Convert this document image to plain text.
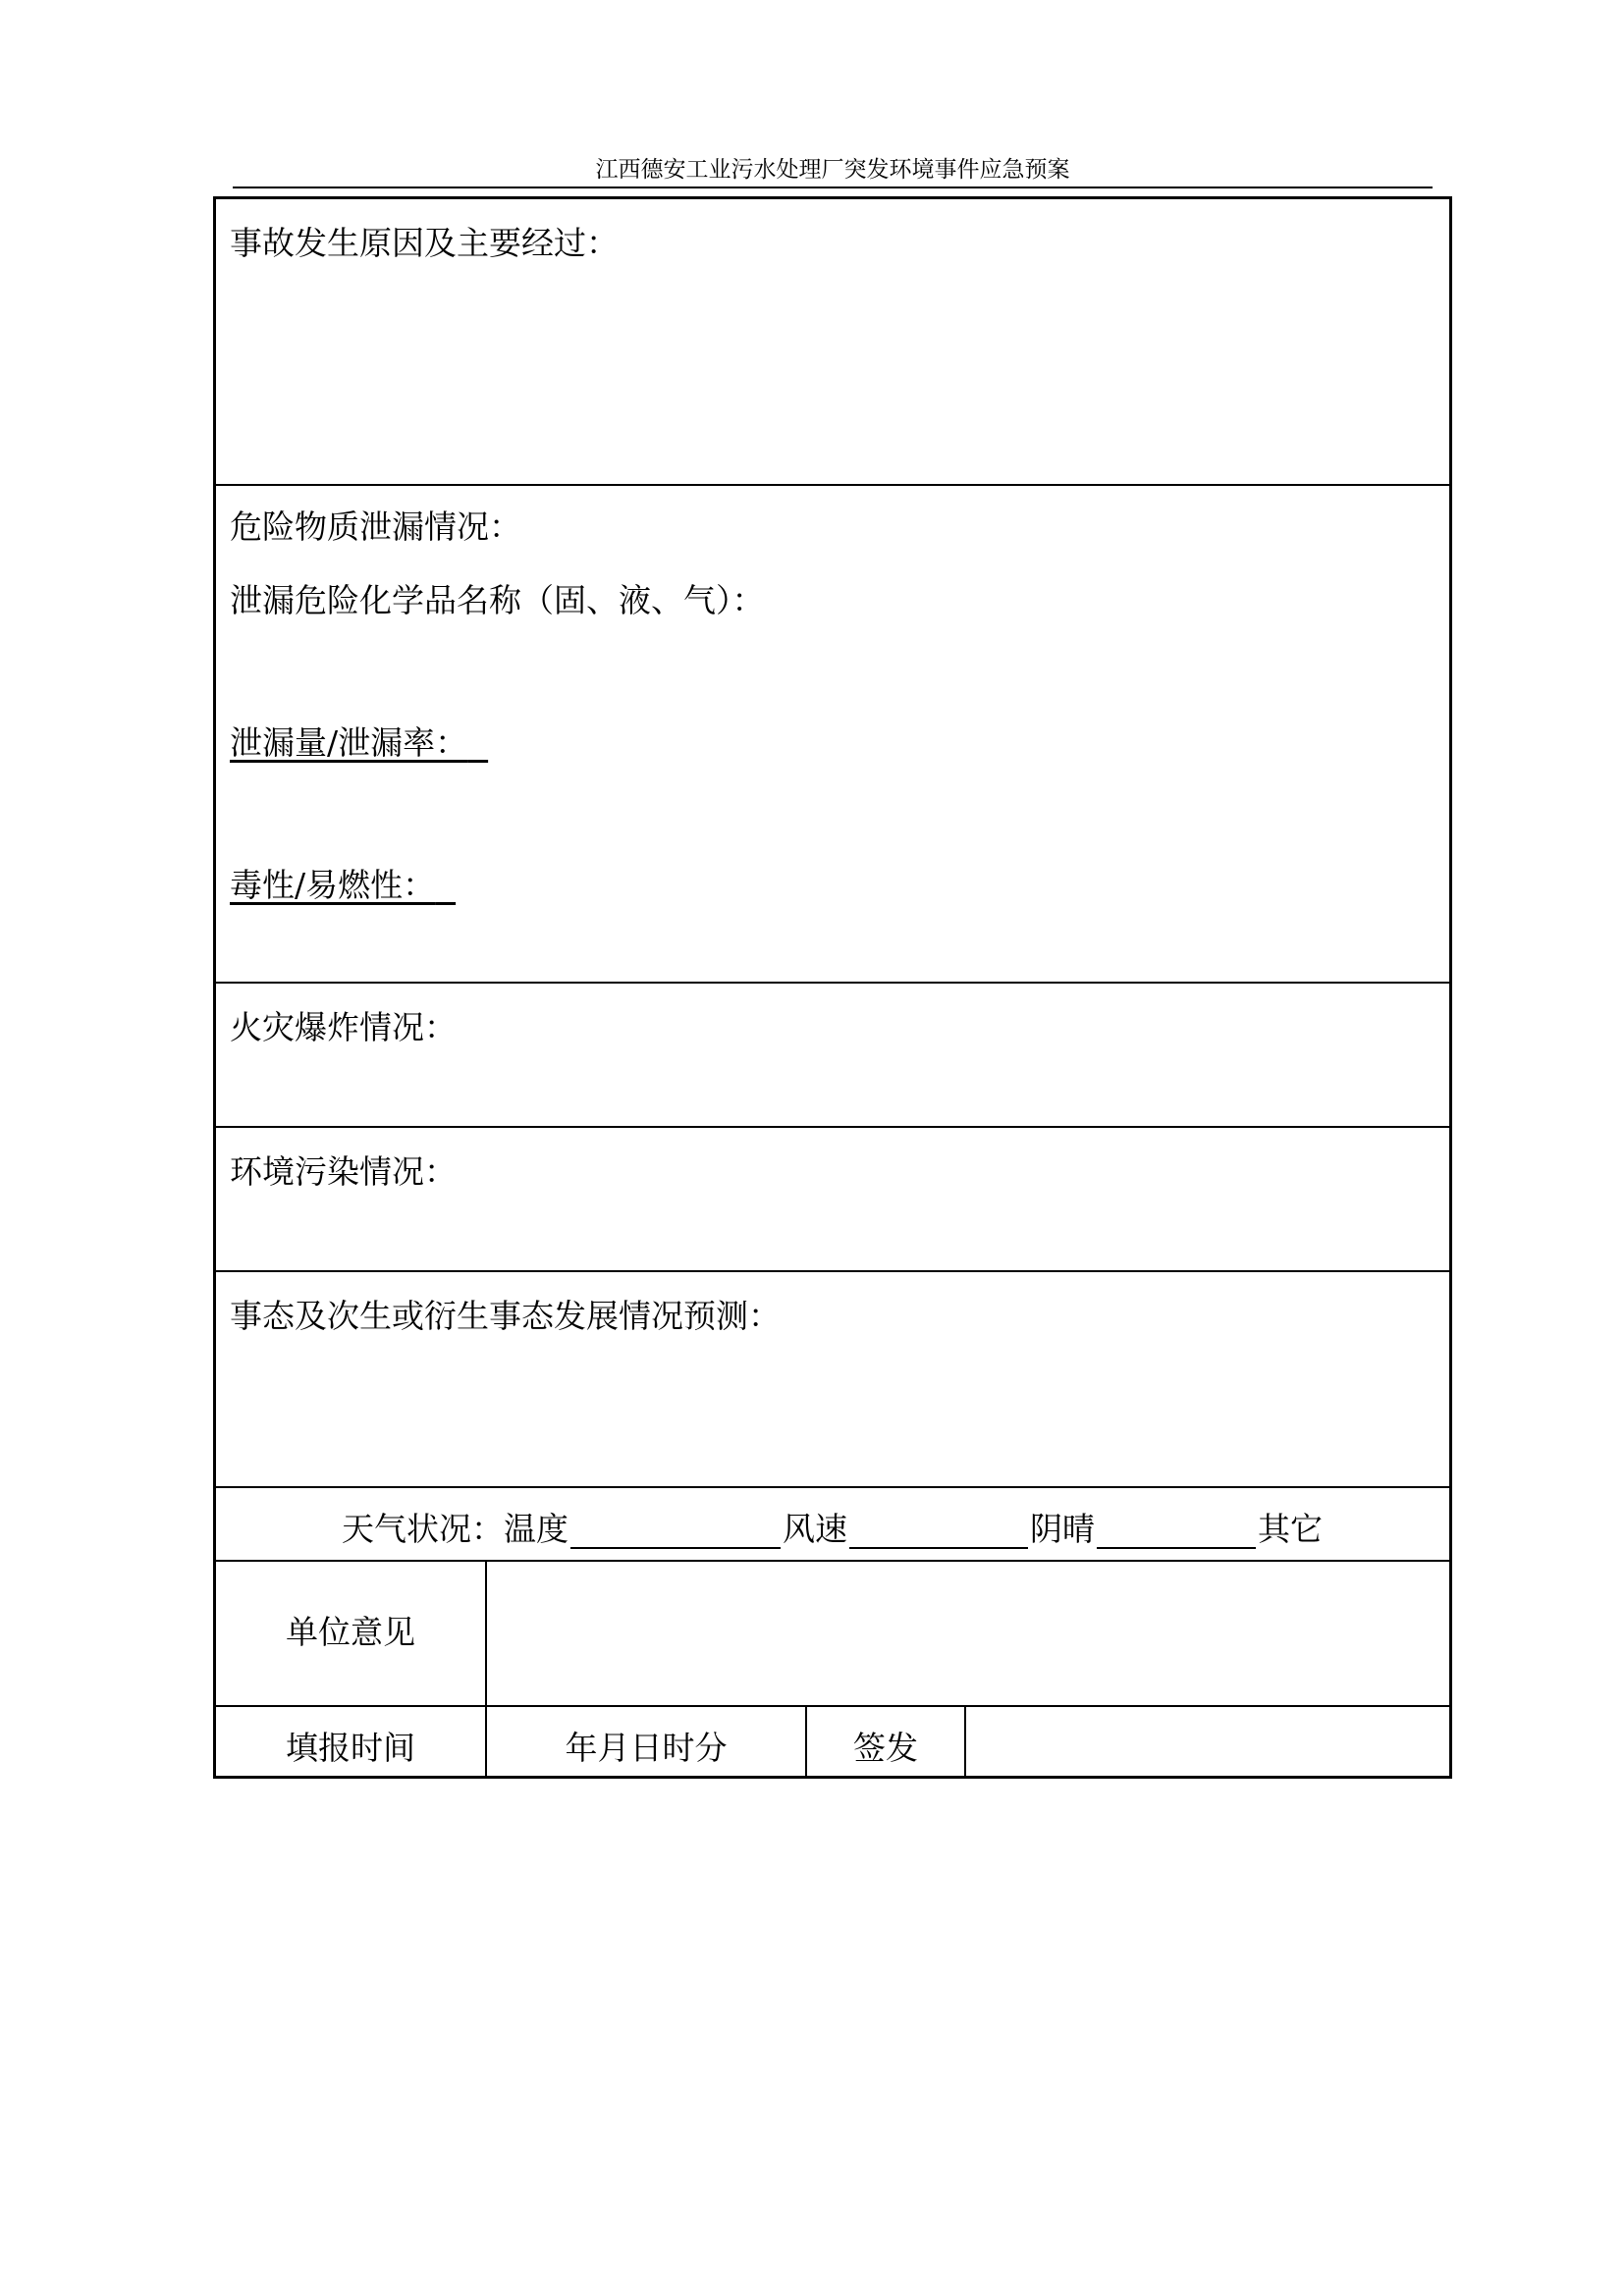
江西德安工业污水处理厂突发环境事件应急预案
事故发生原因及主要经过：
危险物质泄漏情况：
泄漏危险化学品名称（固、液、气）：
泄漏量/泄漏率：
毒性/易燃性：
火灾爆炸情况：
环境污染情况：
事态及次生或衍生事态发展情况预测：
天气状况：温度	风速	阴晴	其它
单位意见
填报时间	年月日时分	签发
